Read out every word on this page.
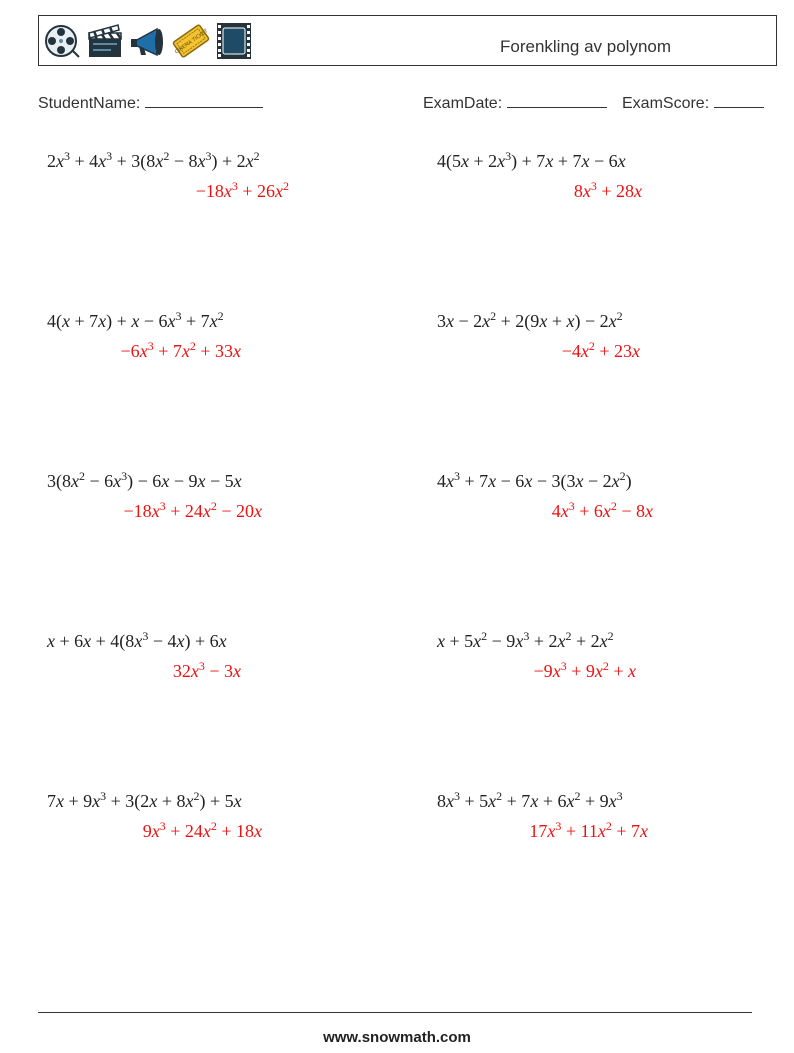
CINEMA TICKET	Forenkling av polynom
StudentName:	ExamDate:	ExamScore:
$2x^3 + 4x^3 + 3(8x^2 - 8x^3) + 2x^2$
$-18x^3 + 26x^2$
$4(5x + 2x^3) + 7x + 7x - 6x$
$8x^3 + 28x$
$4(x + 7x) + x - 6x^3 + 7x^2$
$-6x^3 + 7x^2 + 33x$
$3x - 2x^2 + 2(9x + x) - 2x^2$
$-4x^2 + 23x$
$3(8x^2 - 6x^3) - 6x - 9x - 5x$
$-18x^3 + 24x^2 - 20x$
$4x^3 + 7x - 6x - 3(3x - 2x^2)$
$4x^3 + 6x^2 - 8x$
$x + 6x + 4(8x^3 - 4x) + 6x$
$32x^3 - 3x$
$x + 5x^2 - 9x^3 + 2x^2 + 2x^2$
$-9x^3 + 9x^2 + x$
$7x + 9x^3 + 3(2x + 8x^2) + 5x$
$9x^3 + 24x^2 + 18x$
$8x^3 + 5x^2 + 7x + 6x^2 + 9x^3$
$17x^3 + 11x^2 + 7x$
www.snowmath.com
